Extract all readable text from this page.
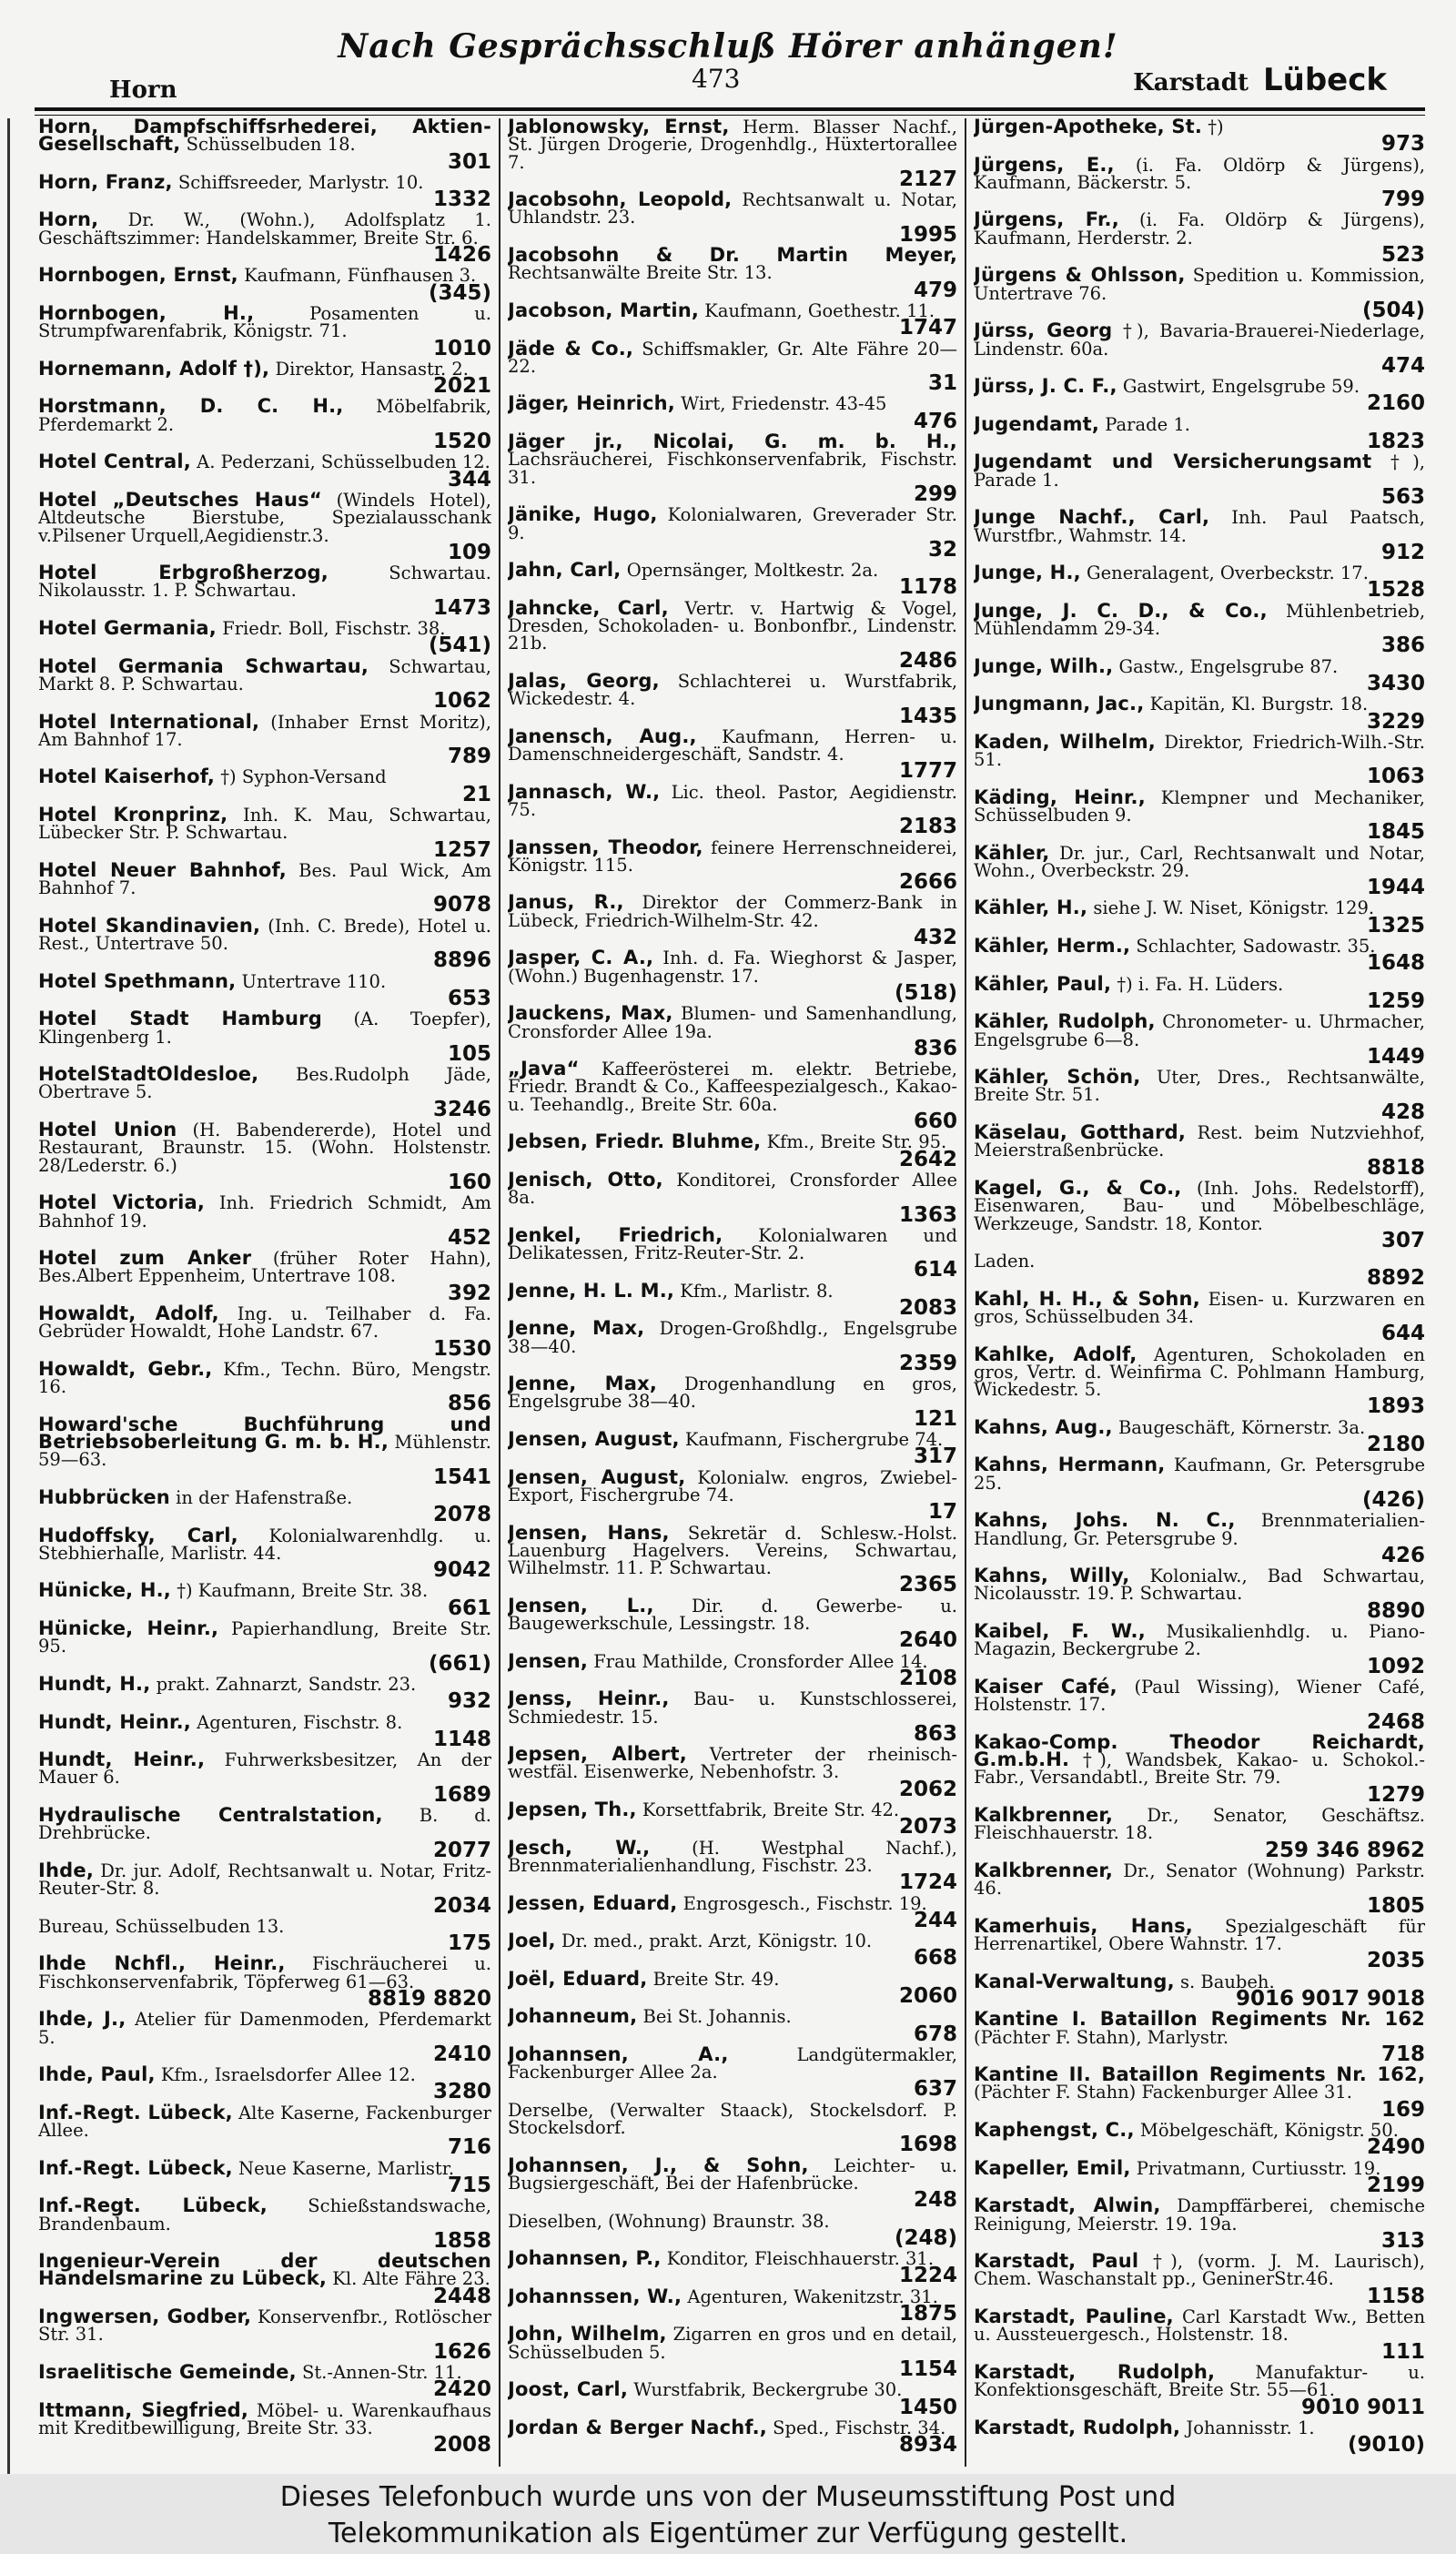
Nach Gesprächsschluß Hörer anhängen!
Horn	473	Karstadt Lübeck
Horn, Dampfschiffsrhederei, Aktien-Gesellschaft, Schüsselbuden 18.
301
Horn, Franz, Schiffsreeder, Marlystr. 10.
1332
Horn, Dr. W., (Wohn.), Adolfsplatz 1. Geschäftszimmer: Handelskammer, Breite Str. 6.
1426
Hornbogen, Ernst, Kaufmann, Fünfhausen 3.
(345)
Hornbogen, H.,	Posamenten u. Strumpfwarenfabrik, Königstr. 71.
1010
Hornemann, Adolf †), Direktor, Hansastr. 2.
2021
Horstmann, D. C. H., Möbelfabrik, Pferdemarkt 2.
1520
Hotel Central, A. Pederzani, Schüsselbuden 12.
344
Hotel „Deutsches Haus“ (Windels Hotel), Altdeutsche Bierstube, Spezialausschank v.Pilsener Urquell,Aegidienstr.3.
109
Hotel Erbgroßherzog,	Schwartau. Nikolausstr. 1. P. Schwartau.
1473
Hotel Germania, Friedr. Boll, Fischstr. 38.
(541)
Hotel Germania Schwartau, Schwartau, Markt 8. P. Schwartau.
1062
Hotel International, (Inhaber Ernst Moritz), Am Bahnhof 17.
789
Hotel Kaiserhof, †) Syphon-Versand
21
Hotel Kronprinz, Inh. K. Mau, Schwartau, Lübecker Str. P. Schwartau.
1257
Hotel Neuer Bahnhof, Bes. Paul Wick, Am Bahnhof 7.
9078
Hotel Skandinavien, (Inh. C. Brede), Hotel u. Rest., Untertrave 50.
8896
Hotel Spethmann, Untertrave 110.
653
Hotel Stadt Hamburg (A. Toepfer), Klingenberg 1.
105
HotelStadtOldesloe, Bes.Rudolph Jäde, Obertrave 5.
3246
Hotel Union (H. Babendererde), Hotel und Restaurant, Braunstr. 15. (Wohn. Holstenstr. 28/Lederstr. 6.)
160
Hotel Victoria, Inh. Friedrich Schmidt, Am Bahnhof 19.
452
Hotel zum Anker (früher Roter Hahn), Bes.Albert Eppenheim, Untertrave 108.
392
Howaldt, Adolf, Ing. u. Teilhaber d. Fa. Gebrüder Howaldt, Hohe Landstr. 67.
1530
Howaldt, Gebr., Kfm., Techn. Büro, Mengstr. 16.
856
Howard'sche Buchführung und Betriebsoberleitung G. m. b. H., Mühlenstr. 59—63.
1541
Hubbrücken in der Hafenstraße.
2078
Hudoffsky, Carl, Kolonialwarenhdlg. u. Stebhierhalle, Marlistr. 44.
9042
Hünicke, H., †) Kaufmann, Breite Str. 38.
661
Hünicke, Heinr., Papierhandlung, Breite Str. 95.
(661)
Hundt, H., prakt. Zahnarzt, Sandstr. 23.
932
Hundt, Heinr., Agenturen, Fischstr. 8.
1148
Hundt, Heinr., Fuhrwerksbesitzer, An der Mauer 6.
1689
Hydraulische Centralstation, B. d. Drehbrücke.
2077
Ihde, Dr. jur. Adolf, Rechtsanwalt u. Notar, Fritz-Reuter-Str. 8.
2034
Bureau, Schüsselbuden 13.
175
Ihde Nchfl., Heinr., Fischräucherei u. Fischkonservenfabrik, Töpferweg 61—63.
8819 8820
Ihde, J., Atelier für Damenmoden, Pferdemarkt 5.
2410
Ihde, Paul, Kfm., Israelsdorfer Allee 12.
3280
Inf.-Regt. Lübeck, Alte Kaserne, Fackenburger Allee.
716
Inf.-Regt. Lübeck, Neue Kaserne, Marlistr.
715
Inf.-Regt. Lübeck, Schießstandswache, Brandenbaum.
1858
Ingenieur-Verein der deutschen Handelsmarine zu Lübeck, Kl. Alte Fähre 23.
2448
Ingwersen, Godber, Konservenfbr., Rotlöscher Str. 31.
1626
Israelitische Gemeinde, St.-Annen-Str. 11.
2420
Ittmann, Siegfried, Möbel- u. Warenkaufhaus mit Kreditbewilligung, Breite Str. 33.
2008
Jablonowsky, Ernst, Herm. Blasser Nachf., St. Jürgen Drogerie, Drogenhdlg., Hüxtertorallee 7.
2127
Jacobsohn, Leopold, Rechtsanwalt u. Notar, Uhlandstr. 23.
1995
Jacobsohn & Dr. Martin Meyer, Rechtsanwälte Breite Str. 13.
479
Jacobson, Martin, Kaufmann, Goethestr. 11.
1747
Jäde & Co., Schiffsmakler, Gr. Alte Fähre 20—22.
31
Jäger, Heinrich, Wirt, Friedenstr. 43-45
476
Jäger jr., Nicolai, G. m. b. H., Lachsräucherei, Fischkonservenfabrik, Fischstr. 31.
299
Jänike, Hugo, Kolonialwaren, Greverader Str. 9.
32
Jahn, Carl, Opernsänger, Moltkestr. 2a.
1178
Jahncke, Carl, Vertr. v. Hartwig & Vogel, Dresden, Schokoladen- u. Bonbonfbr., Lindenstr. 21b.
2486
Jalas, Georg, Schlachterei u. Wurstfabrik, Wickedestr. 4.
1435
Janensch, Aug., Kaufmann, Herren- u. Damenschneidergeschäft, Sandstr. 4.
1777
Jannasch, W., Lic. theol. Pastor, Aegidienstr. 75.
2183
Janssen, Theodor, feinere Herrenschneiderei, Königstr. 115.
2666
Janus, R., Direktor der Commerz-Bank in Lübeck, Friedrich-Wilhelm-Str. 42.
432
Jasper, C. A., Inh. d. Fa. Wieghorst & Jasper, (Wohn.) Bugenhagenstr. 17.
(518)
Jauckens, Max, Blumen- und Samenhandlung, Cronsforder Allee 19a.
836
„Java“ Kaffeerösterei m. elektr. Betriebe, Friedr. Brandt & Co., Kaffeespezialgesch., Kakao- u. Teehandlg., Breite Str. 60a.
660
Jebsen, Friedr. Bluhme, Kfm., Breite Str. 95.
2642
Jenisch, Otto, Konditorei, Cronsforder Allee 8a.
1363
Jenkel, Friedrich, Kolonialwaren und Delikatessen, Fritz-Reuter-Str. 2.
614
Jenne, H. L. M., Kfm., Marlistr. 8.
2083
Jenne, Max, Drogen-Großhdlg., Engelsgrube 38—40.
2359
Jenne, Max, Drogenhandlung en gros, Engelsgrube 38—40.
121
Jensen, August, Kaufmann, Fischergrube 74.
317
Jensen, August, Kolonialw. engros, Zwiebel-Export, Fischergrube 74.
17
Jensen, Hans, Sekretär d. Schlesw.-Holst. Lauenburg Hagelvers. Vereins, Schwartau, Wilhelmstr. 11. P. Schwartau.
2365
Jensen, L., Dir. d. Gewerbe- u. Baugewerkschule, Lessingstr. 18.
2640
Jensen, Frau Mathilde, Cronsforder Allee 14.
2108
Jenss, Heinr., Bau- u. Kunstschlosserei, Schmiedestr. 15.
863
Jepsen, Albert, Vertreter der rheinisch-westfäl. Eisenwerke, Nebenhofstr. 3.
2062
Jepsen, Th., Korsettfabrik, Breite Str. 42.
2073
Jesch, W., (H. Westphal Nachf.), Brennmaterialienhandlung, Fischstr. 23.
1724
Jessen, Eduard, Engrosgesch., Fischstr. 19.
244
Joel, Dr. med., prakt. Arzt, Königstr. 10.
668
Joël, Eduard, Breite Str. 49.
2060
Johanneum, Bei St. Johannis.
678
Johannsen, A.,	Landgütermakler, Fackenburger Allee 2a.
637
Derselbe, (Verwalter Staack), Stockelsdorf. P. Stockelsdorf.
1698
Johannsen, J., & Sohn, Leichter- u. Bugsiergeschäft, Bei der Hafenbrücke.
248
Dieselben, (Wohnung) Braunstr. 38.
(248)
Johannsen, P., Konditor, Fleischhauerstr. 31.
1224
Johannssen, W., Agenturen, Wakenitzstr. 31.
1875
John, Wilhelm, Zigarren en gros und en detail, Schüsselbuden 5.
1154
Joost, Carl, Wurstfabrik, Beckergrube 30.
1450
Jordan & Berger Nachf., Sped., Fischstr. 34.
8934
Jürgen-Apotheke, St. †)
973
Jürgens, E., (i. Fa. Oldörp & Jürgens), Kaufmann, Bäckerstr. 5.
799
Jürgens, Fr., (i. Fa. Oldörp & Jürgens), Kaufmann, Herderstr. 2.
523
Jürgens & Ohlsson, Spedition u. Kommission, Untertrave 76.
(504)
Jürss, Georg †), Bavaria-Brauerei-Niederlage, Lindenstr. 60a.
474
Jürss, J. C. F., Gastwirt, Engelsgrube 59.
2160
Jugendamt, Parade 1.
1823
Jugendamt und Versicherungsamt †), Parade 1.
563
Junge Nachf., Carl, Inh. Paul Paatsch, Wurstfbr., Wahmstr. 14.
912
Junge, H., Generalagent, Overbeckstr. 17.
1528
Junge, J. C. D., & Co., Mühlenbetrieb, Mühlendamm 29-34.
386
Junge, Wilh., Gastw., Engelsgrube 87.
3430
Jungmann, Jac., Kapitän, Kl. Burgstr. 18.
3229
Kaden, Wilhelm, Direktor, Friedrich-Wilh.-Str. 51.
1063
Käding, Heinr., Klempner und Mechaniker, Schüsselbuden 9.
1845
Kähler, Dr. jur., Carl, Rechtsanwalt und Notar, Wohn., Overbeckstr. 29.
1944
Kähler, H., siehe J. W. Niset, Königstr. 129.
1325
Kähler, Herm., Schlachter, Sadowastr. 35.
1648
Kähler, Paul, †) i. Fa. H. Lüders.
1259
Kähler, Rudolph, Chronometer- u. Uhrmacher, Engelsgrube 6—8.
1449
Kähler, Schön, Uter, Dres., Rechtsanwälte, Breite Str. 51.
428
Käselau, Gotthard, Rest. beim Nutzviehhof, Meierstraßenbrücke.
8818
Kagel, G., & Co., (Inh. Johs. Redelstorff), Eisenwaren, Bau- und Möbelbeschläge, Werkzeuge, Sandstr. 18, Kontor.
307
Laden.
8892
Kahl, H. H., & Sohn, Eisen- u. Kurzwaren en gros, Schüsselbuden 34.
644
Kahlke, Adolf, Agenturen, Schokoladen en gros, Vertr. d. Weinfirma C. Pohlmann Hamburg, Wickedestr. 5.
1893
Kahns, Aug., Baugeschäft, Körnerstr. 3a.
2180
Kahns, Hermann, Kaufmann, Gr. Petersgrube 25.
(426)
Kahns, Johs. N. C., Brennmaterialien-Handlung, Gr. Petersgrube 9.
426
Kahns, Willy, Kolonialw., Bad Schwartau, Nicolausstr. 19. P. Schwartau.
8890
Kaibel, F. W., Musikalienhdlg. u. Piano-Magazin, Beckergrube 2.
1092
Kaiser Café, (Paul Wissing), Wiener Café, Holstenstr. 17.
2468
Kakao-Comp. Theodor Reichardt, G.m.b.H. †), Wandsbek, Kakao- u. Schokol.-Fabr., Versandabtl., Breite Str. 79.
1279
Kalkbrenner, Dr., Senator, Geschäftsz. Fleischhauerstr. 18.
259 346 8962
Kalkbrenner, Dr., Senator (Wohnung) Parkstr. 46.
1805
Kamerhuis, Hans, Spezialgeschäft für Herrenartikel, Obere Wahnstr. 17.
2035
Kanal-Verwaltung, s. Baubeh.
9016 9017 9018
Kantine I. Bataillon Regiments Nr. 162 (Pächter F. Stahn), Marlystr.
718
Kantine II. Bataillon Regiments Nr. 162, (Pächter F. Stahn) Fackenburger Allee 31.
169
Kaphengst, C., Möbelgeschäft, Königstr. 50.
2490
Kapeller, Emil, Privatmann, Curtiusstr. 19.
2199
Karstadt, Alwin, Dampffärberei, chemische Reinigung, Meierstr. 19. 19a.
313
Karstadt, Paul †), (vorm. J. M. Laurisch), Chem. Waschanstalt pp., GeninerStr.46.
1158
Karstadt, Pauline, Carl Karstadt Ww., Betten u. Aussteuergesch., Holstenstr. 18.
111
Karstadt, Rudolph, Manufaktur- u. Konfektionsgeschäft, Breite Str. 55—61.
9010 9011
Karstadt, Rudolph, Johannisstr. 1.
(9010)
Dieses Telefonbuch wurde uns von der Museumsstiftung Post und
Telekommunikation als Eigentümer zur Verfügung gestellt.
